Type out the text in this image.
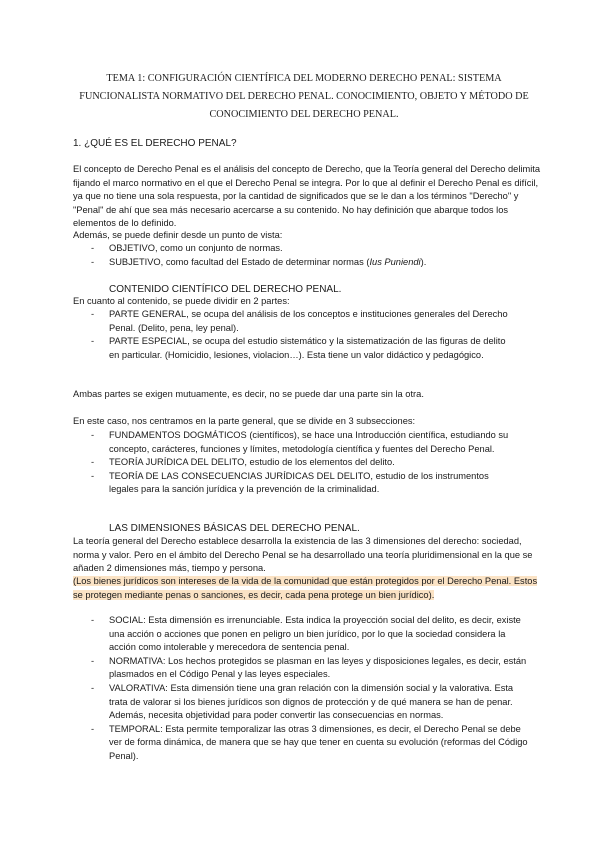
TEMA 1: CONFIGURACIÓN CIENTÍFICA DEL MODERNO DERECHO PENAL: SISTEMA FUNCIONALISTA NORMATIVO DEL DERECHO PENAL. CONOCIMIENTO, OBJETO Y MÉTODO DE CONOCIMIENTO DEL DERECHO PENAL.
1. ¿QUÉ ES EL DERECHO PENAL?
El concepto de Derecho Penal es el análisis del concepto de Derecho, que la Teoría general del Derecho delimita fijando el marco normativo en el que el Derecho Penal se integra. Por lo que al definir el Derecho Penal es difícil, ya que no tiene una sola respuesta, por la cantidad de significados que se le dan a los términos "Derecho" y "Penal" de ahí que sea más necesario acercarse a su contenido. No hay definición que abarque todos los elementos de lo definido.
Además, se puede definir desde un punto de vista:
- OBJETIVO, como un conjunto de normas.
- SUBJETIVO, como facultad del Estado de determinar normas (Ius Puniendi).
CONTENIDO CIENTÍFICO DEL DERECHO PENAL.
En cuanto al contenido, se puede dividir en 2 partes:
- PARTE GENERAL, se ocupa del análisis de los conceptos e instituciones generales del Derecho Penal. (Delito, pena, ley penal).
- PARTE ESPECIAL, se ocupa del estudio sistemático y la sistematización de las figuras de delito en particular. (Homicidio, lesiones, violacion…). Esta tiene un valor didáctico y pedagógico.
Ambas partes se exigen mutuamente, es decir, no se puede dar una parte sin la otra.
En este caso, nos centramos en la parte general, que se divide en 3 subsecciones:
- FUNDAMENTOS DOGMÁTICOS (científicos), se hace una Introducción científica, estudiando su concepto, carácteres, funciones y límites, metodología científica y fuentes del Derecho Penal.
- TEORÍA JURÍDICA DEL DELITO, estudio de los elementos del delito.
- TEORÍA DE LAS CONSECUENCIAS JURÍDICAS DEL DELITO, estudio de los instrumentos legales para la sanción jurídica y la prevención de la criminalidad.
LAS DIMENSIONES BÁSICAS DEL DERECHO PENAL.
La teoría general del Derecho establece desarrolla la existencia de las 3 dimensiones del derecho: sociedad, norma y valor. Pero en el ámbito del Derecho Penal se ha desarrollado una teoría pluridimensional en la que se añaden 2 dimensiones más, tiempo y persona.
(Los bienes jurídicos son intereses de la vida de la comunidad que están protegidos por el Derecho Penal. Estos se protegen mediante penas o sanciones, es decir, cada pena protege un bien jurídico).
- SOCIAL: Esta dimensión es irrenunciable. Esta indica la proyección social del delito, es decir, existe una acción o acciones que ponen en peligro un bien jurídico, por lo que la sociedad considera la acción como intolerable y merecedora de sentencia penal.
- NORMATIVA: Los hechos protegidos se plasman en las leyes y disposiciones legales, es decir, están plasmados en el Código Penal y las leyes especiales.
- VALORATIVA: Esta dimensión tiene una gran relación con la dimensión social y la valorativa. Esta trata de valorar si los bienes jurídicos son dignos de protección y de qué manera se han de penar. Además, necesita objetividad para poder convertir las consecuencias en normas.
- TEMPORAL: Esta permite temporalizar las otras 3 dimensiones, es decir, el Derecho Penal se debe ver de forma dinámica, de manera que se hay que tener en cuenta su evolución (reformas del Código Penal).
